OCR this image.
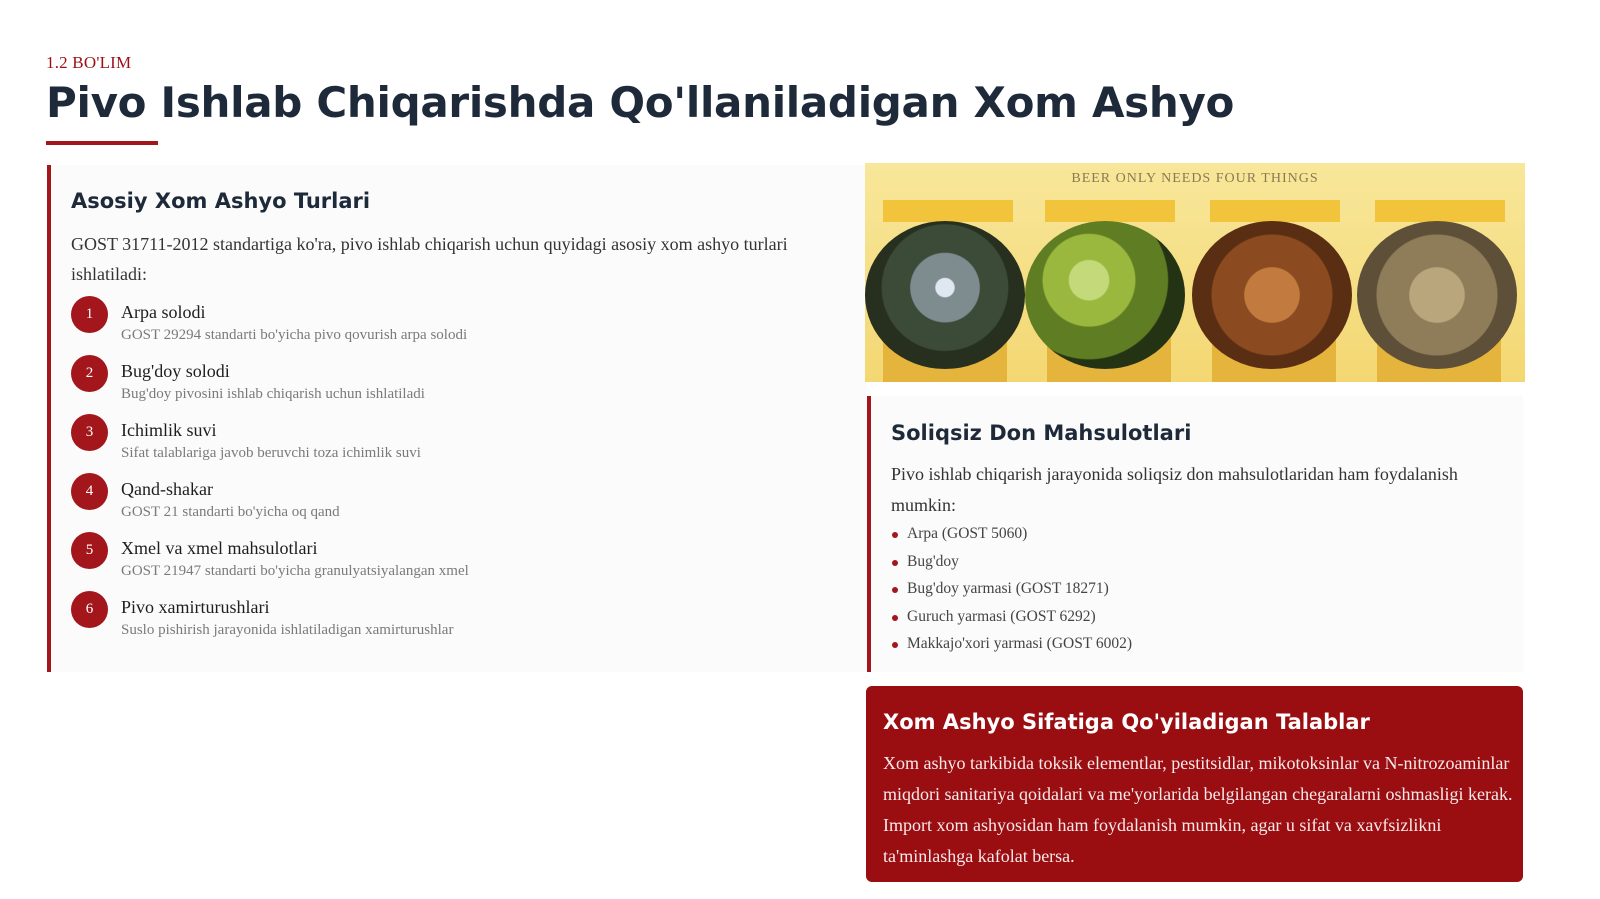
1.2 BO'LIM
Pivo Ishlab Chiqarishda Qo'llaniladigan Xom Ashyo
Asosiy Xom Ashyo Turlari

GOST 31711-2012 standartiga ko'ra, pivo ishlab chiqarish uchun quyidagi asosiy xom ashyo turlari ishlatiladi:

1	Arpa solodi
GOST 29294 standarti bo'yicha pivo qovurish arpa solodi
2	Bug'doy solodi
Bug'doy pivosini ishlab chiqarish uchun ishlatiladi
3	Ichimlik suvi
Sifat talablariga javob beruvchi toza ichimlik suvi
4	Qand-shakar
GOST 21 standarti bo'yicha oq qand
5	Xmel va xmel mahsulotlari
GOST 21947 standarti bo'yicha granulyatsiyalangan xmel
6	Pivo xamirturushlari
Suslo pishirish jarayonida ishlatiladigan xamirturushlar
BEER ONLY NEEDS FOUR THINGS
Soliqsiz Don Mahsulotlari

Pivo ishlab chiqarish jarayonida soliqsiz don mahsulotlaridan ham foydalanish mumkin:

Arpa (GOST 5060)
Bug'doy
Bug'doy yarmasi (GOST 18271)
Guruch yarmasi (GOST 6292)
Makkajo'xori yarmasi (GOST 6002)
Xom Ashyo Sifatiga Qo'yiladigan Talablar

Xom ashyo tarkibida toksik elementlar, pestitsidlar, mikotoksinlar va N-nitrozoaminlar miqdori sanitariya qoidalari va me'yorlarida belgilangan chegaralarni oshmasligi kerak. Import xom ashyosidan ham foydalanish mumkin, agar u sifat va xavfsizlikni ta'minlashga kafolat bersa.
